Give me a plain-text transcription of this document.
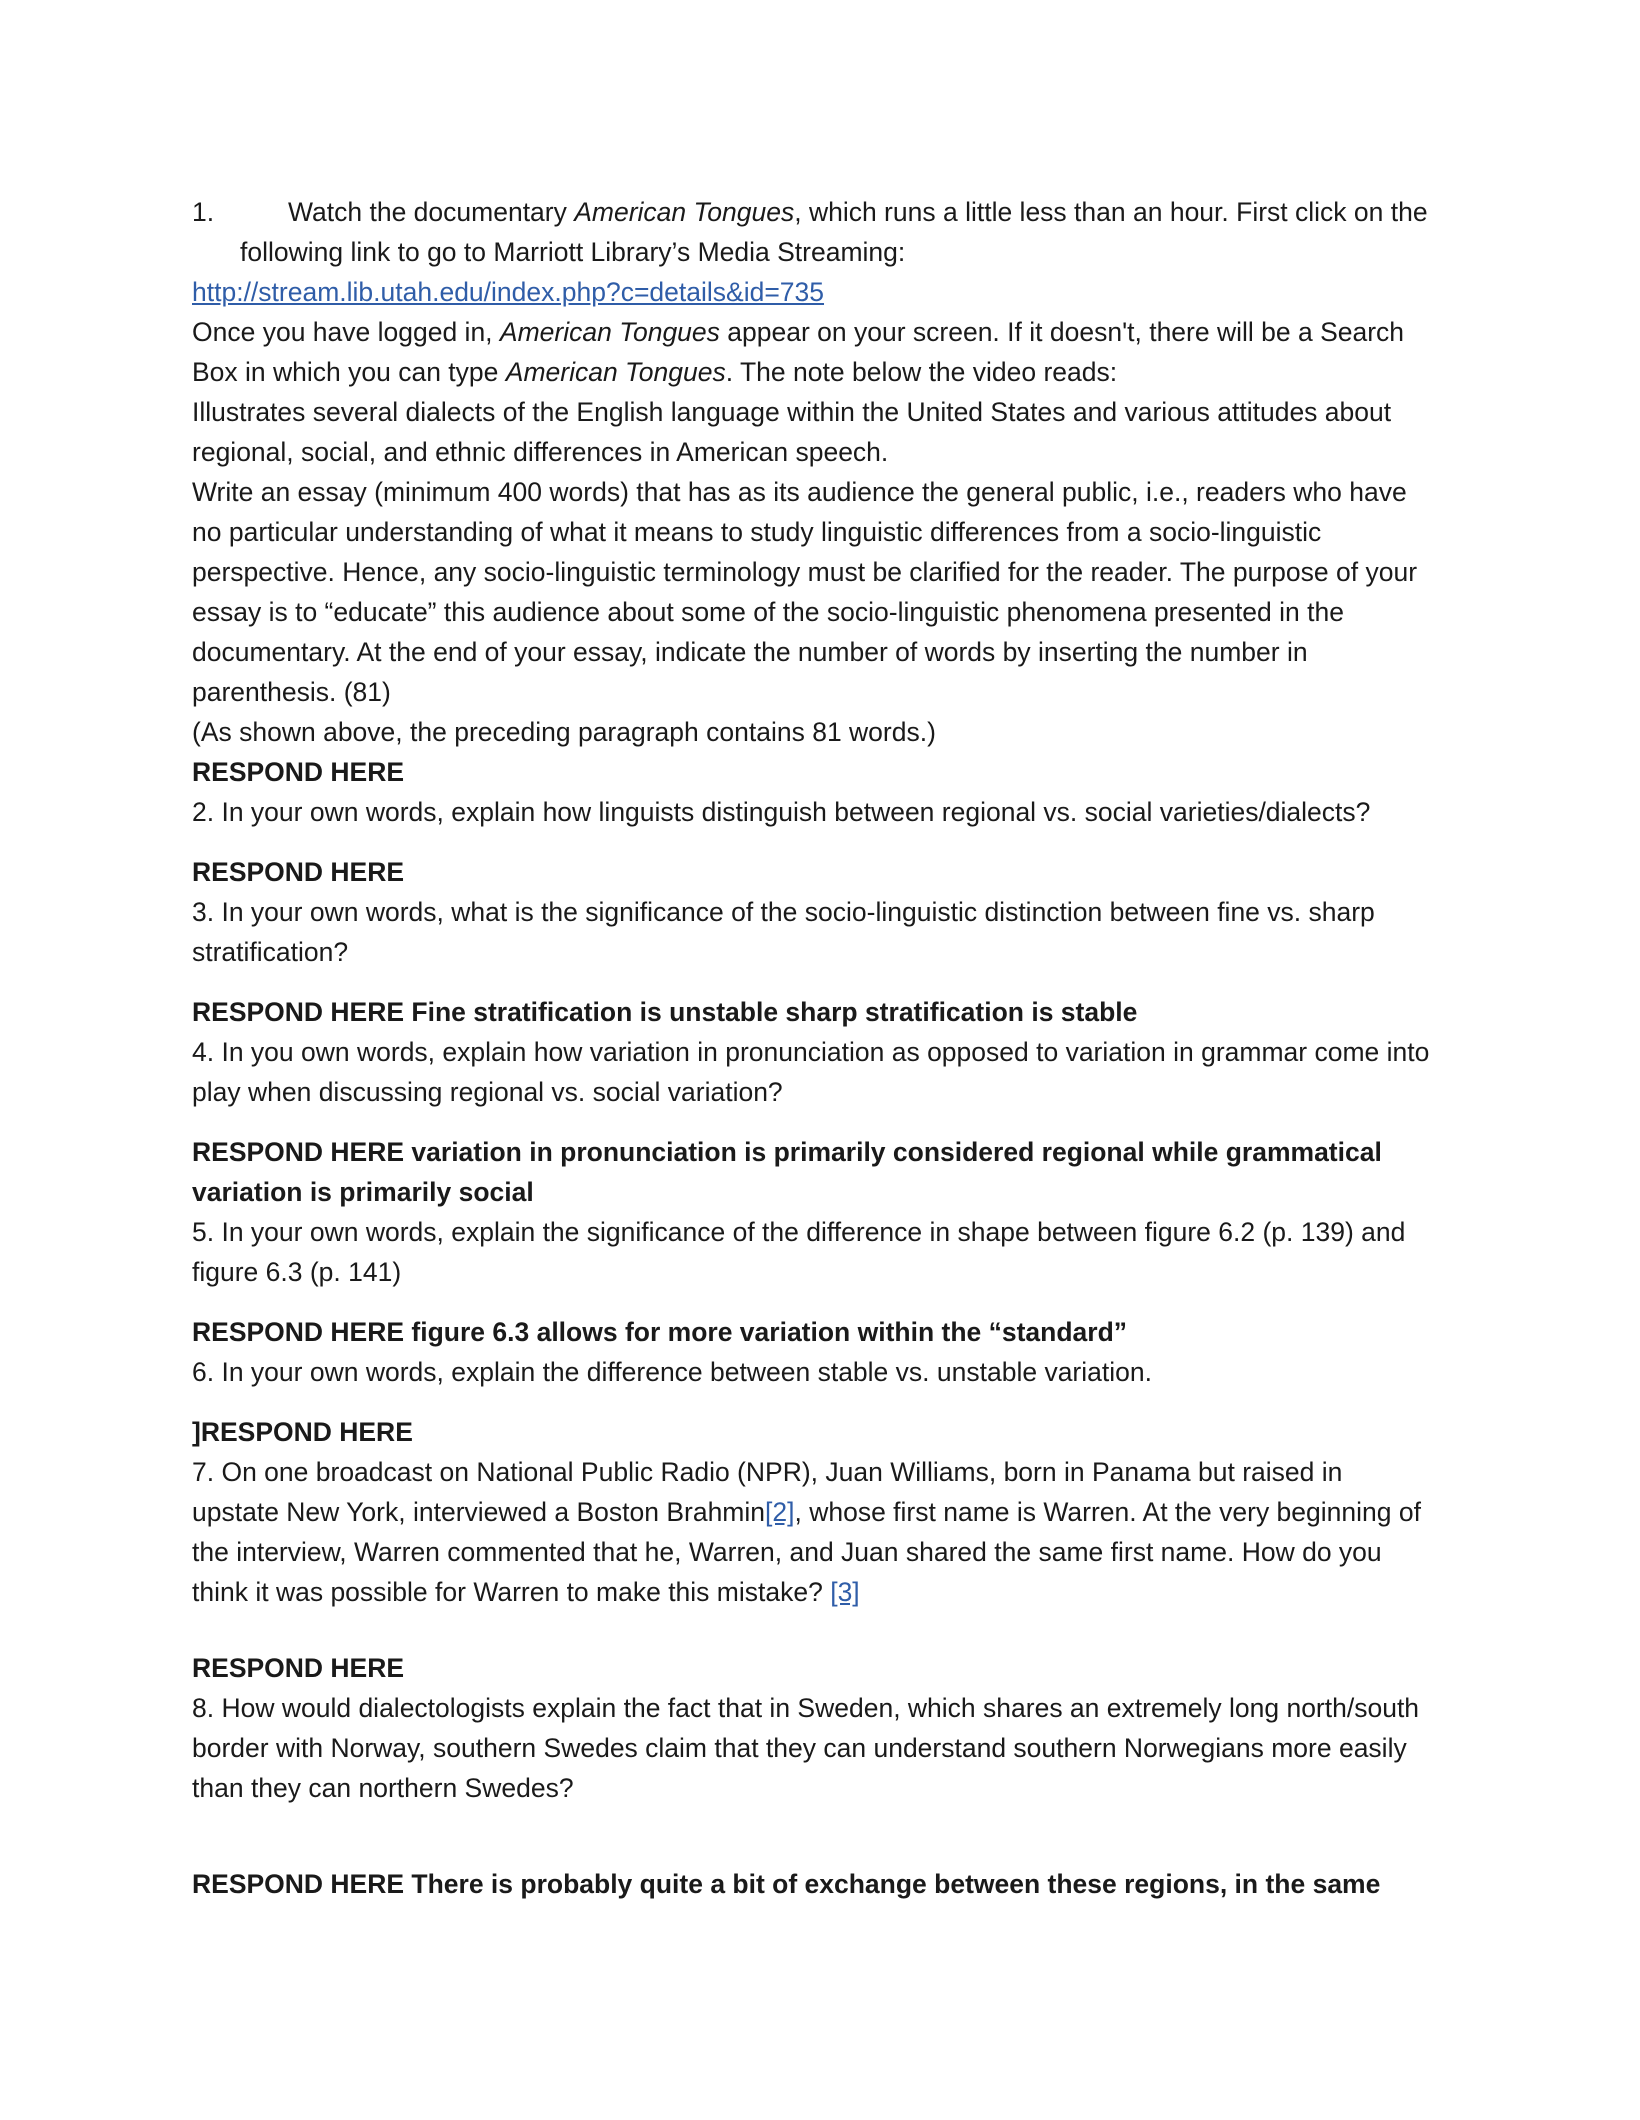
1.	Watch the documentary American Tongues, which runs a little less than an hour. First click on the
following link to go to Marriott Library’s Media Streaming:
http://stream.lib.utah.edu/index.php?c=details&id=735
Once you have logged in, American Tongues appear on your screen. If it doesn't, there will be a Search
Box in which you can type American Tongues. The note below the video reads:
Illustrates several dialects of the English language within the United States and various attitudes about
regional, social, and ethnic differences in American speech.
Write an essay (minimum 400 words) that has as its audience the general public, i.e., readers who have
no particular understanding of what it means to study linguistic differences from a socio-linguistic
perspective. Hence, any socio-linguistic terminology must be clarified for the reader. The purpose of your
essay is to “educate” this audience about some of the socio-linguistic phenomena presented in the
documentary. At the end of your essay, indicate the number of words by inserting the number in
parenthesis. (81)
(As shown above, the preceding paragraph contains 81 words.)
RESPOND HERE
2. In your own words, explain how linguists distinguish between regional vs. social varieties/dialects?
RESPOND HERE
3. In your own words, what is the significance of the socio-linguistic distinction between fine vs. sharp
stratification?
RESPOND HERE Fine stratification is unstable sharp stratification is stable
4. In you own words, explain how variation in pronunciation as opposed to variation in grammar come into
play when discussing regional vs. social variation?
RESPOND HERE variation in pronunciation is primarily considered regional while grammatical
variation is primarily social
5. In your own words, explain the significance of the difference in shape between figure 6.2 (p. 139) and
figure 6.3 (p. 141)
RESPOND HERE figure 6.3 allows for more variation within the “standard”
6. In your own words, explain the difference between stable vs. unstable variation.
]RESPOND HERE
7. On one broadcast on National Public Radio (NPR), Juan Williams, born in Panama but raised in
upstate New York, interviewed a Boston Brahmin[2], whose first name is Warren. At the very beginning of
the interview, Warren commented that he, Warren, and Juan shared the same first name. How do you
think it was possible for Warren to make this mistake? [3]
RESPOND HERE
8. How would dialectologists explain the fact that in Sweden, which shares an extremely long north/south
border with Norway, southern Swedes claim that they can understand southern Norwegians more easily
than they can northern Swedes?
RESPOND HERE There is probably quite a bit of exchange between these regions, in the same
